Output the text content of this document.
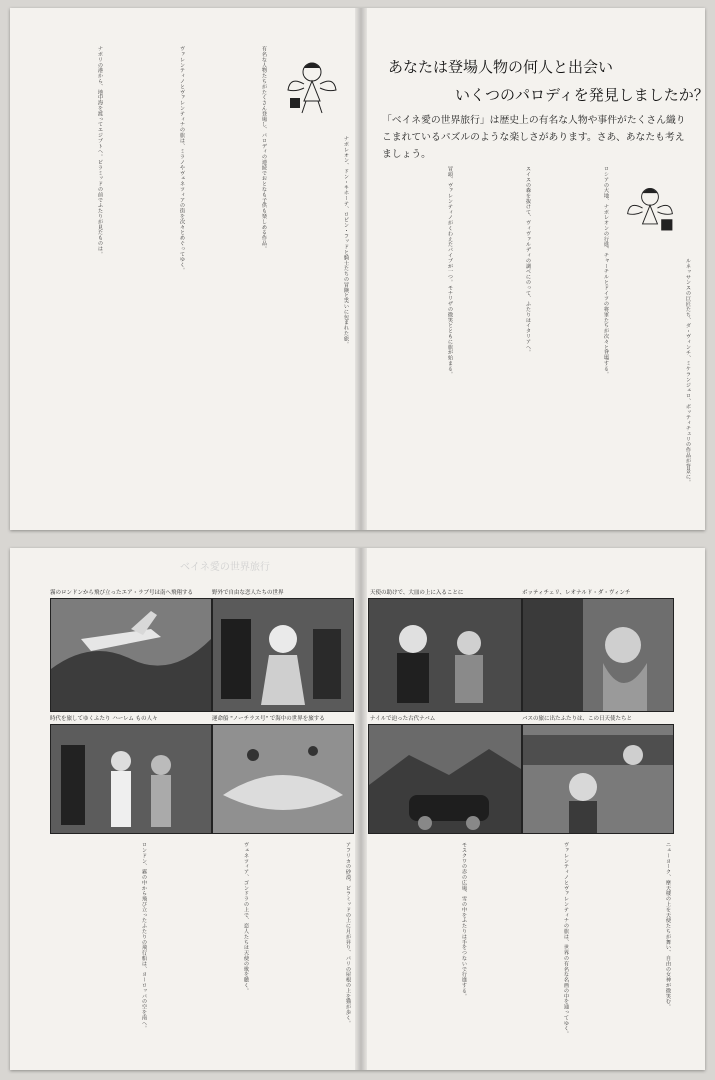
ナポリの港から、地中海を渡ってエジプトへ。ピラミッドの前でふたりが見たものは。	ヴァレンティノとヴァレンティナの旅は、ミラノやヴェネツィアの街を次々とめぐってゆく。	有名な人物たちがたくさん登場し、パロディの連続でおとなも子供も楽しめる作品。	ナポレオン、ドン・キホーテ、ロビン・フッドと騎士たちの冒険と笑いに包まれた旅。
あなたは登場人物の何人と出会い
いくつのパロディを発見しましたか？
「ベイネ愛の世界旅行」は歴史上の有名な人物や事件がたくさん織りこまれているパズルのような楽しさがあります。さあ、あなたも考えましょう。
冒頭、ヴァレンティノがくわえたパイプが一つ。モナリザの微笑とともに旅が始まる。	スイスの森を抜けて、ヴィヴァルディの調べにのって、ふたりはイタリアへ。	ロシアの大地、ナポレオンの行進、チャーチルとドイツの将軍たちが次々と登場する。	ルネッサンスの巨匠たち、ダ・ヴィンチ、ミケランジェロ、ボッティチェリの作品が背景に。
ベイネ愛の世界旅行
霧のロンドンから飛び立ったエア・ラブ号は南へ飛翔する	野外で自由な恋人たちの世界	天使の助けで、大皿の上に入ることに	ボッティチェリ、レオナルド・ダ・ヴィンチ
時代を旅してゆくふたり ハーレム もの人々	運命船 "ノーチラス号" で海中の世界を旅する	ナイルで迫った古代ナバム	バスの旅に出たふたりは、この日天使たちと
ロンドン、霧の中から飛び立ったふたりの飛行船は、ヨーロッパの空を南へ。	ヴェネツィア、ゴンドラの上で、恋人たちは天使の歌を聴く。	アフリカの砂漠、ピラミッドの上に月が昇り、パリの屋根の上を猫が歩く。	モスクワの赤の広場、雪の中をふたりは手をつないで行進する。	ヴァレンティノとヴァレンティナの旅は、世界の有名な名画の中を通ってゆく。	ニューヨーク、摩天楼の上を天使たちが舞い、自由の女神が微笑む。
